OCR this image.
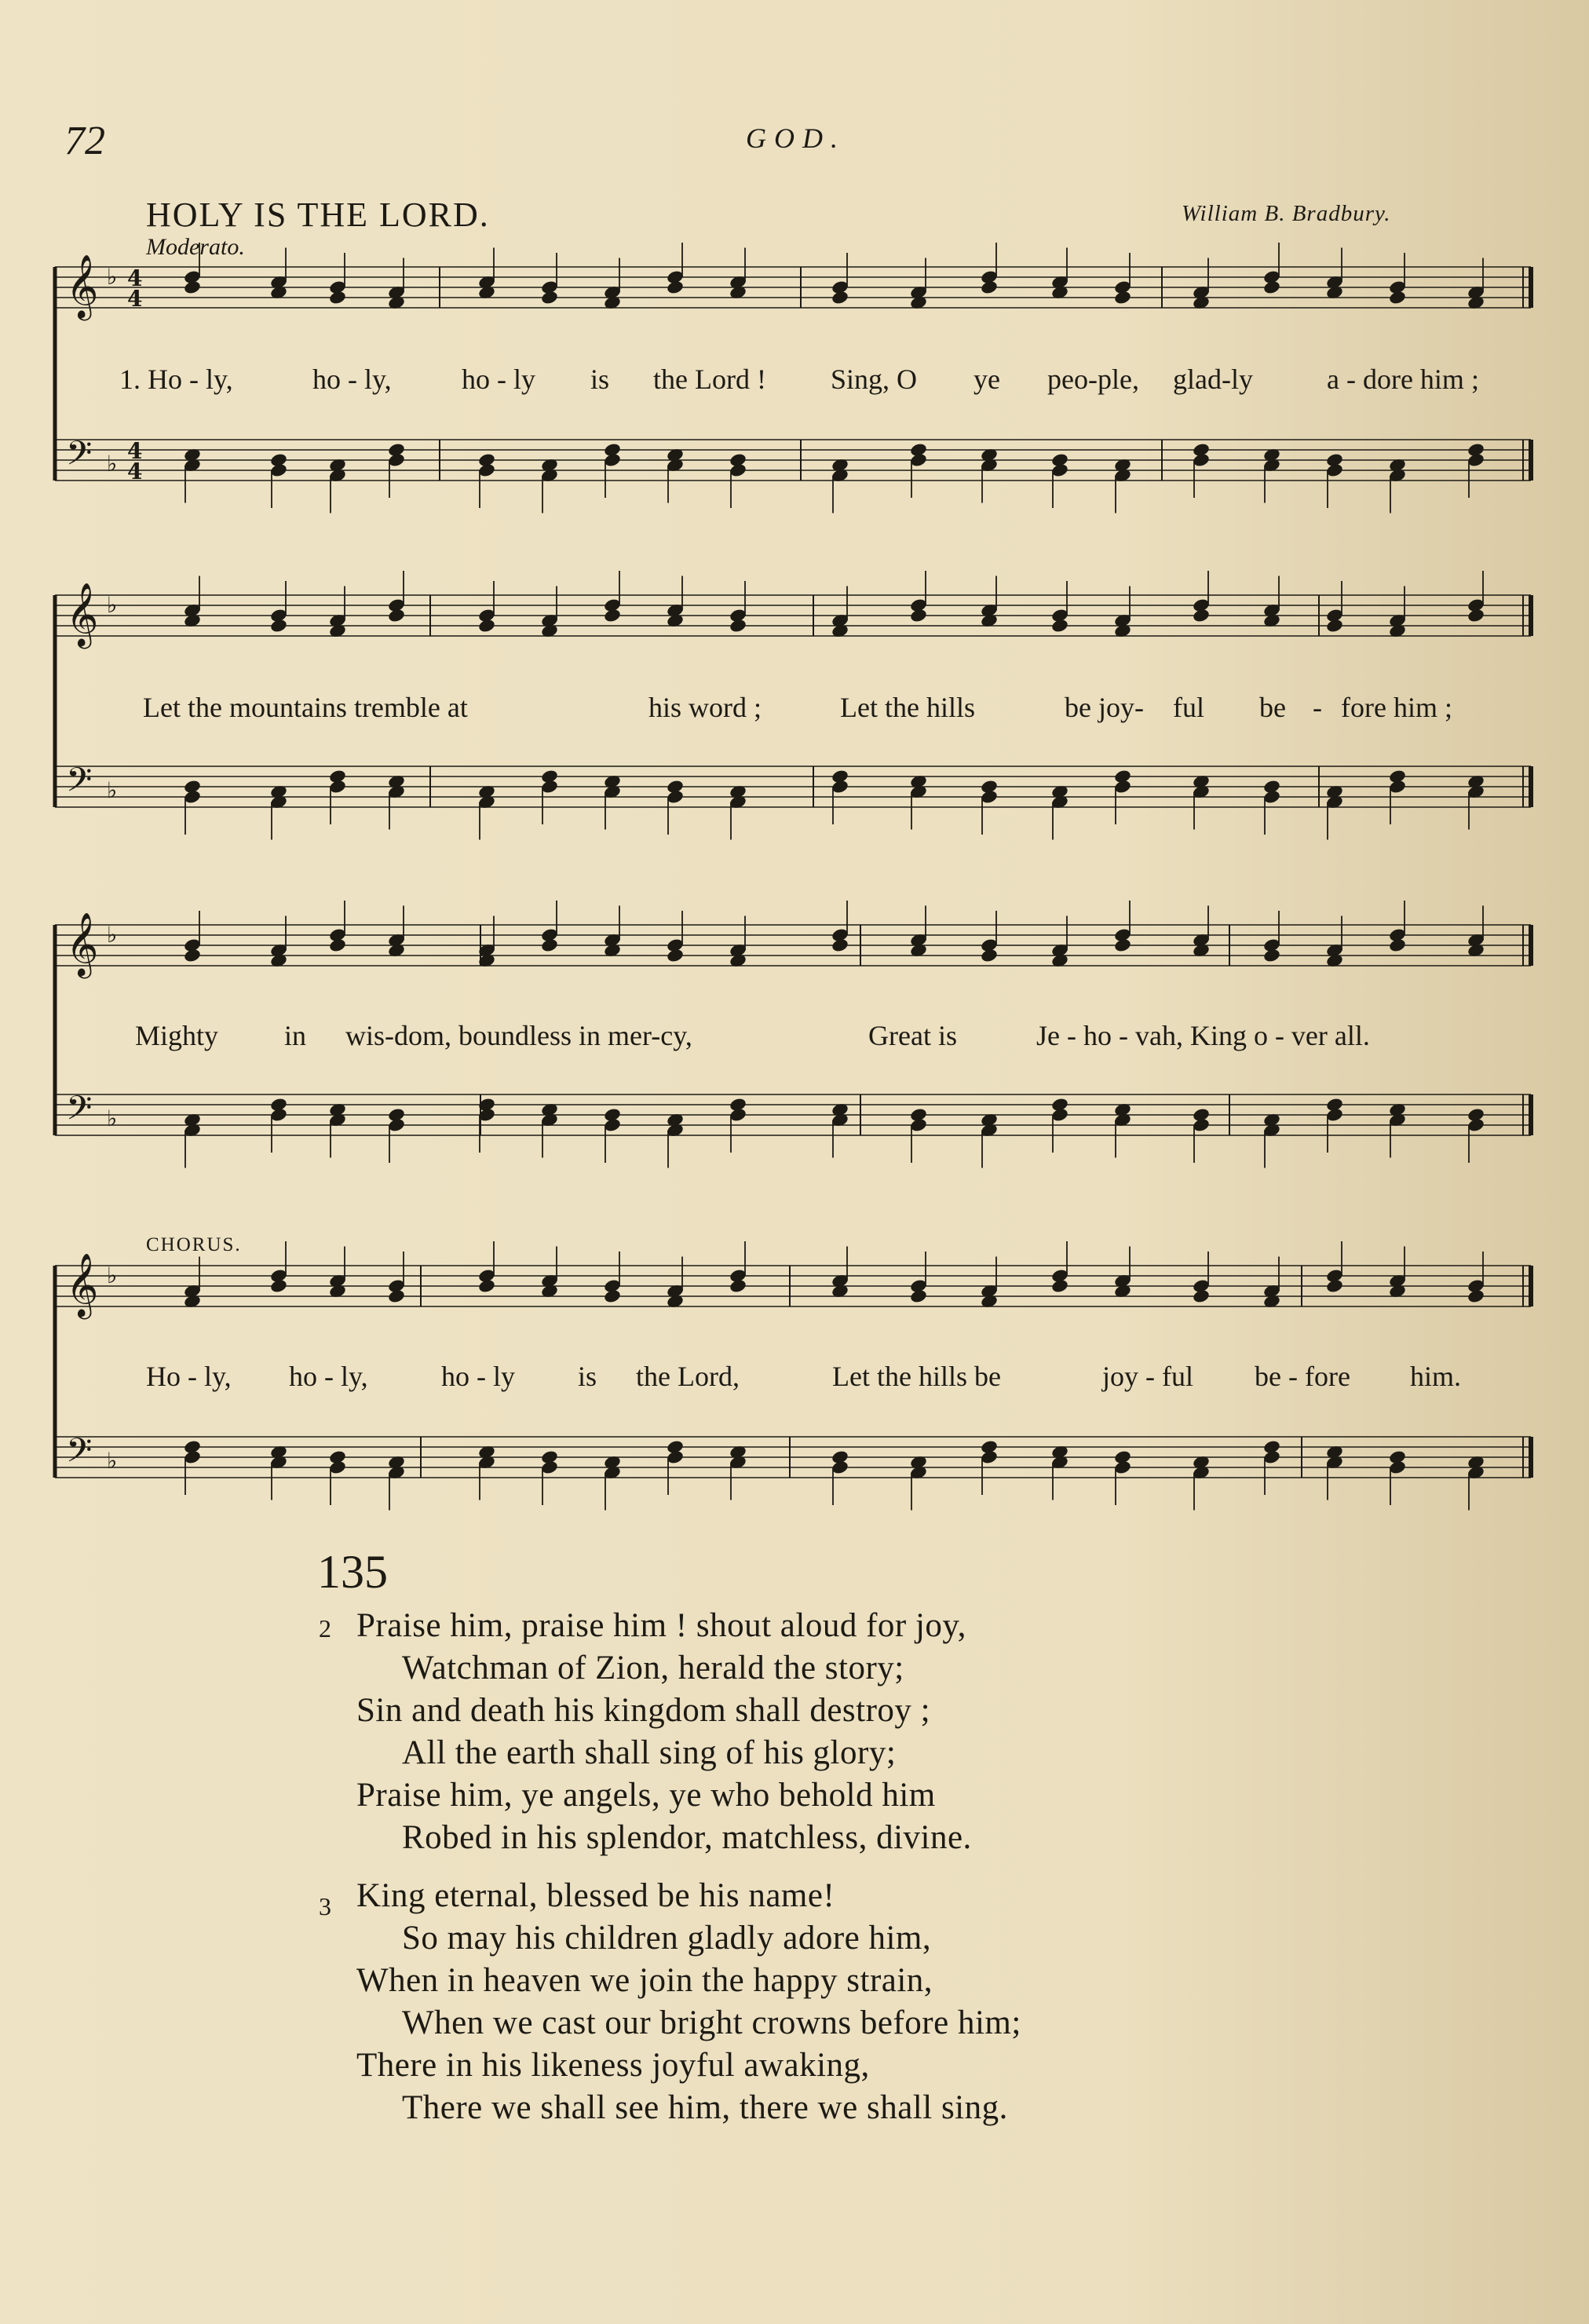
72	GOD.
HOLY IS THE LORD.	William B. Bradbury.
Moderato.
CHORUS.
𝄞 ♭
𝄢 ♭
4
4
4
4
𝄞 ♭
𝄢 ♭
𝄞 ♭
𝄢 ♭
𝄞 ♭
𝄢 ♭
1. Ho - ly,	ho - ly, ho - ly is the Lord ! Sing, O ye peo-ple, glad-ly	a - dore him ;
Let the mountains tremble at	his word ;	Let the hills	be joy- ful be - fore him ;
Mighty in wis-dom, boundless in mer-cy,	Great is	Je - ho - vah, King o - ver all.
Ho - ly, ho - ly,	ho - ly is the Lord,	Let the hills be	joy - ful be - fore him.
135
2 Praise him, praise him ! shout aloud for joy,
Watchman of Zion, herald the story;
Sin and death his kingdom shall destroy ;
All the earth shall sing of his glory;
Praise him, ye angels, ye who behold him
Robed in his splendor, matchless, divine.
3 King eternal, blessed be his name!
So may his children gladly adore him,
When in heaven we join the happy strain,
When we cast our bright crowns before him;
There in his likeness joyful awaking,
There we shall see him, there we shall sing.
